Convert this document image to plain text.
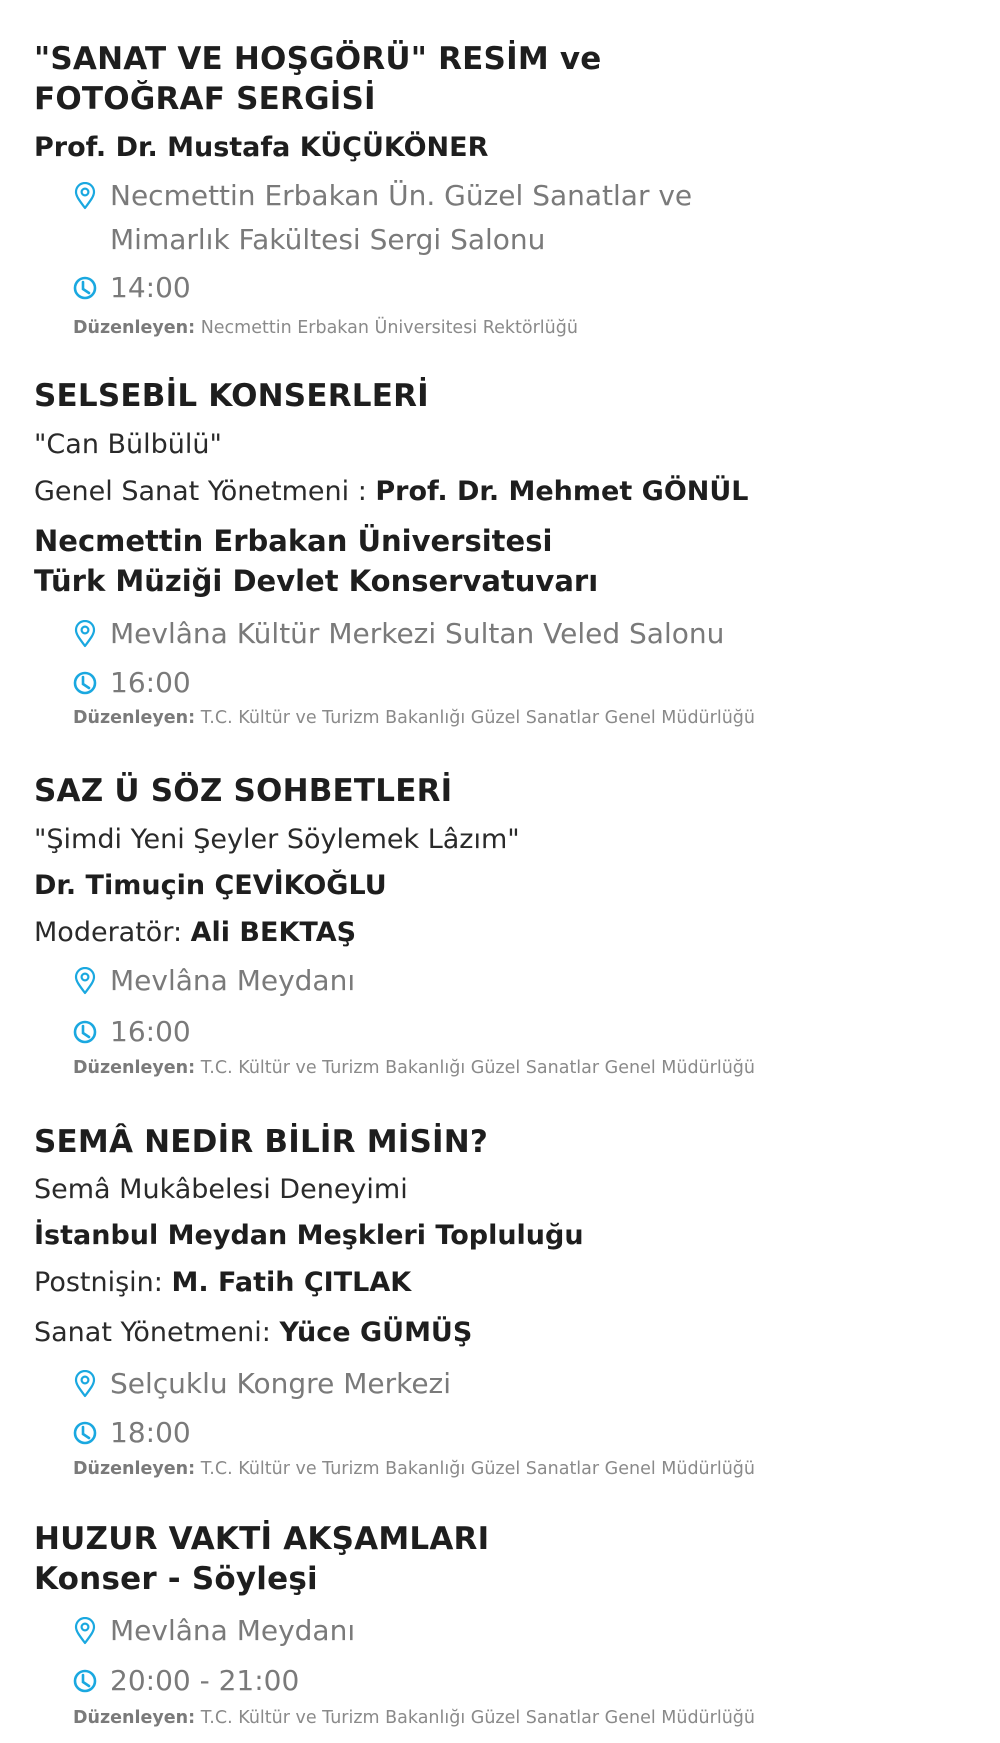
"SANAT VE HOŞGÖRÜ" RESİM ve
FOTOĞRAF SERGİSİ
Prof. Dr. Mustafa KÜÇÜKÖNER
Necmettin Erbakan Ün. Güzel Sanatlar ve
Mimarlık Fakültesi Sergi Salonu
14:00
Düzenleyen: Necmettin Erbakan Üniversitesi Rektörlüğü
SELSEBİL KONSERLERİ
"Can Bülbülü"
Genel Sanat Yönetmeni : Prof. Dr. Mehmet GÖNÜL
Necmettin Erbakan Üniversitesi
Türk Müziği Devlet Konservatuvarı
Mevlâna Kültür Merkezi Sultan Veled Salonu
16:00
Düzenleyen: T.C. Kültür ve Turizm Bakanlığı Güzel Sanatlar Genel Müdürlüğü
SAZ Ü SÖZ SOHBETLERİ
"Şimdi Yeni Şeyler Söylemek Lâzım"
Dr. Timuçin ÇEVİKOĞLU
Moderatör: Ali BEKTAŞ
Mevlâna Meydanı
16:00
Düzenleyen: T.C. Kültür ve Turizm Bakanlığı Güzel Sanatlar Genel Müdürlüğü
SEMÂ NEDİR BİLİR MİSİN?
Semâ Mukâbelesi Deneyimi
İstanbul Meydan Meşkleri Topluluğu
Postnişin: M. Fatih ÇITLAK
Sanat Yönetmeni: Yüce GÜMÜŞ
Selçuklu Kongre Merkezi
18:00
Düzenleyen: T.C. Kültür ve Turizm Bakanlığı Güzel Sanatlar Genel Müdürlüğü
HUZUR VAKTİ AKŞAMLARI
Konser - Söyleşi
Mevlâna Meydanı
20:00 - 21:00
Düzenleyen: T.C. Kültür ve Turizm Bakanlığı Güzel Sanatlar Genel Müdürlüğü
